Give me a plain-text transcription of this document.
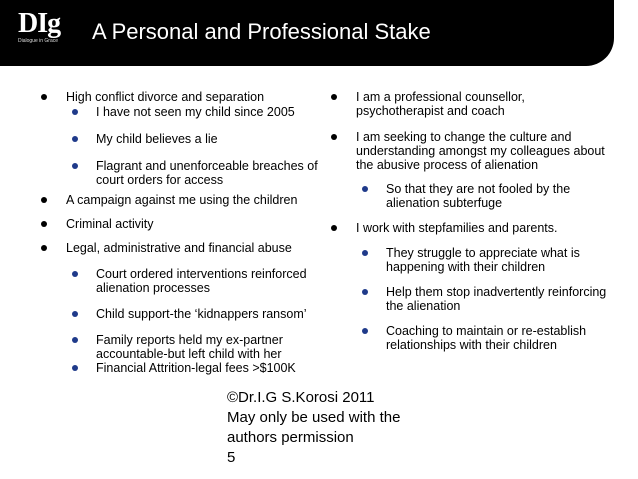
DIg
Dialogue in Grace	A Personal and Professional Stake
High conflict divorce and separation
I have not seen my child since 2005
My child believes a lie
Flagrant and unenforceable breaches of court orders for access
A campaign against me using the children
Criminal activity
Legal, administrative and financial abuse
Court ordered interventions reinforced alienation processes
Child support-the ‘kidnappers ransom’
Family reports held my ex-partner accountable-but left child with her
Financial Attrition-legal fees >$100K
I am a professional counsellor, psychotherapist and coach
I am seeking to change the culture and understanding amongst my colleagues about the abusive process of alienation
So that they are not fooled by the alienation subterfuge
I work with stepfamilies and parents.
They struggle to appreciate what is happening with their children
Help them stop inadvertently reinforcing the alienation
Coaching to maintain or re-establish relationships with their children
©Dr.I.G S.Korosi 2011
May only be used with the
authors permission
5
